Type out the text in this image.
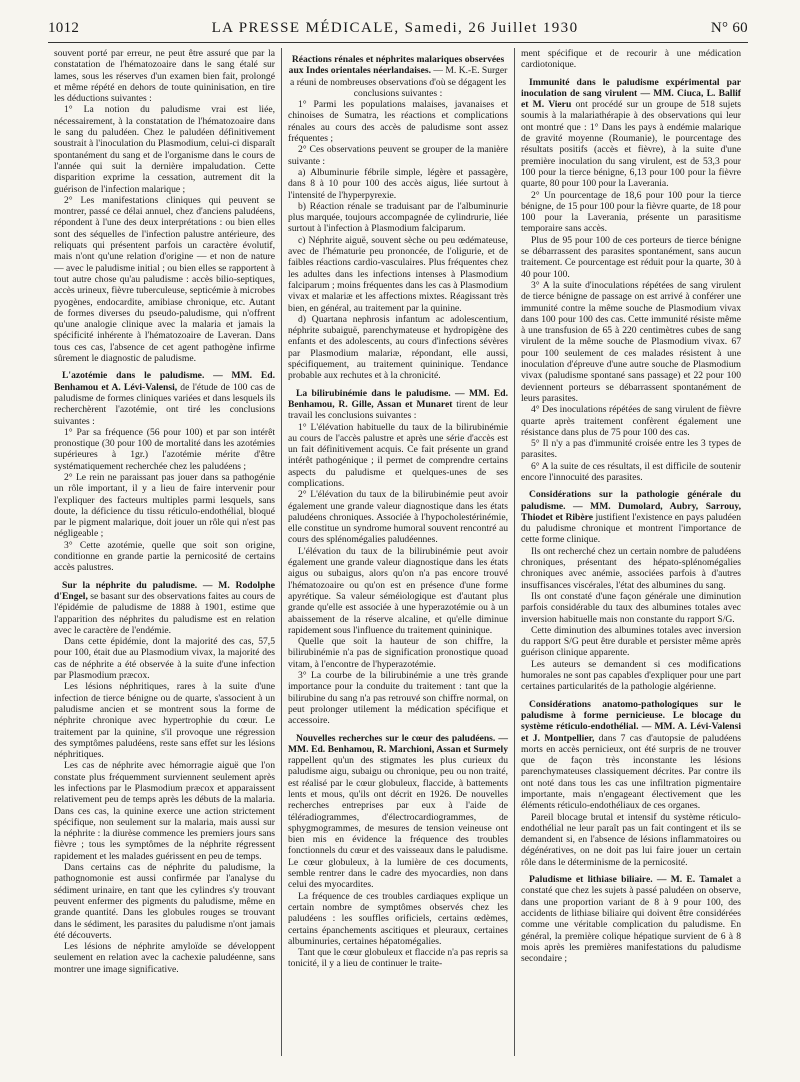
1012	LA PRESSE MÉDICALE, Samedi, 26 Juillet 1930	N° 60

souvent porté par erreur, ne peut être assuré que par la constatation de l'hématozoaire dans le sang étalé sur lames, sous les réserves d'un examen bien fait, prolongé et même répété en dehors de toute quininisation, en tire les déductions suivantes :

1° La notion du paludisme vrai est liée, nécessairement, à la constatation de l'hématozoaire dans le sang du paludéen. Chez le paludéen définitivement soustrait à l'inoculation du Plasmodium, celui-ci disparaît spontanément du sang et de l'organisme dans le cours de l'année qui suit la dernière impaludation. Cette disparition exprime la cessation, autrement dit la guérison de l'infection malarique ;

2° Les manifestations cliniques qui peuvent se montrer, passé ce délai annuel, chez d'anciens paludéens, répondent à l'une des deux interprétations : ou bien elles sont des séquelles de l'infection palustre antérieure, des reliquats qui présentent parfois un caractère évolutif, mais n'ont qu'une relation d'origine — et non de nature — avec le paludisme initial ; ou bien elles se rapportent à tout autre chose qu'au paludisme : accès bilio-septiques, accès urineux, fièvre tuberculeuse, septicémie à microbes pyogènes, endocardite, amibiase chronique, etc. Autant de formes diverses du pseudo-paludisme, qui n'offrent qu'une analogie clinique avec la malaria et jamais la spécificité inhérente à l'hématozoaire de Laveran. Dans tous ces cas, l'absence de cet agent pathogène infirme sûrement le diagnostic de paludisme.

L'azotémie dans le paludisme. — MM. Ed. Benhamou et A. Lévi-Valensi, de l'étude de 100 cas de paludisme de formes cliniques variées et dans lesquels ils recherchèrent l'azotémie, ont tiré les conclusions suivantes :

1° Par sa fréquence (56 pour 100) et par son intérêt pronostique (30 pour 100 de mortalité dans les azotémies supérieures à 1gr.) l'azotémie mérite d'être systématiquement recherchée chez les paludéens ;

2° Le rein ne paraissant pas jouer dans sa pathogénie un rôle important, il y a lieu de faire intervenir pour l'expliquer des facteurs multiples parmi lesquels, sans doute, la déficience du tissu réticulo-endothélial, bloqué par le pigment malarique, doit jouer un rôle qui n'est pas négligeable ;

3° Cette azotémie, quelle que soit son origine, conditionne en grande partie la pernicosité de certains accès palustres.

Sur la néphrite du paludisme. — M. Rodolphe d'Engel, se basant sur des observations faites au cours de l'épidémie de paludisme de 1888 à 1901, estime que l'apparition des néphrites du paludisme est en relation avec le caractère de l'endémie.

Dans cette épidémie, dont la majorité des cas, 57,5 pour 100, était due au Plasmodium vivax, la majorité des cas de néphrite a été observée à la suite d'une infection par Plasmodium præcox.

Les lésions néphritiques, rares à la suite d'une infection de tierce bénigne ou de quarte, s'associent à un paludisme ancien et se montrent sous la forme de néphrite chronique avec hypertrophie du cœur. Le traitement par la quinine, s'il provoque une régression des symptômes paludéens, reste sans effet sur les lésions néphritiques.

Les cas de néphrite avec hémorragie aiguë que l'on constate plus fréquemment surviennent seulement après les infections par le Plasmodium præcox et apparaissent relativement peu de temps après les débuts de la malaria. Dans ces cas, la quinine exerce une action strictement spécifique, non seulement sur la malaria, mais aussi sur la néphrite : la diurèse commence les premiers jours sans fièvre ; tous les symptômes de la néphrite régressent rapidement et les malades guérissent en peu de temps.

Dans certains cas de néphrite du paludisme, la pathognomonie est aussi confirmée par l'analyse du sédiment urinaire, en tant que les cylindres s'y trouvant peuvent enfermer des pigments du paludisme, même en grande quantité. Dans les globules rouges se trouvant dans le sédiment, les parasites du paludisme n'ont jamais été découverts.

Les lésions de néphrite amyloïde se développent seulement en relation avec la cachexie paludéenne, sans montrer une image significative.

Réactions rénales et néphrites malariques observées aux Indes orientales néerlandaises. — M. K.-E. Surger a réuni de nombreuses observations d'où se dégagent les conclusions suivantes :

1° Parmi les populations malaises, javanaises et chinoises de Sumatra, les réactions et complications rénales au cours des accès de paludisme sont assez fréquentes ;

2° Ces observations peuvent se grouper de la manière suivante :

a) Albuminurie fébrile simple, légère et passagère, dans 8 à 10 pour 100 des accès aigus, liée surtout à l'intensité de l'hyperpyrexie.

b) Réaction rénale se traduisant par de l'albuminurie plus marquée, toujours accompagnée de cylindrurie, liée surtout à l'infection à Plasmodium falciparum.

c) Néphrite aiguë, souvent sèche ou peu œdémateuse, avec de l'hématurie peu prononcée, de l'oligurie, et de faibles réactions cardio-vasculaires. Plus fréquentes chez les adultes dans les infections intenses à Plasmodium falciparum ; moins fréquentes dans les cas à Plasmodium vivax et malariæ et les affections mixtes. Réagissant très bien, en général, au traitement par la quinine.

d) Quartana nephrosis infantum ac adolescentium, néphrite subaiguë, parenchymateuse et hydropigène des enfants et des adolescents, au cours d'infections sévères par Plasmodium malariæ, répondant, elle aussi, spécifiquement, au traitement quininique. Tendance probable aux rechutes et à la chronicité.

La bilirubinémie dans le paludisme. — MM. Ed. Benhamou, R. Gille, Assan et Munaret tirent de leur travail les conclusions suivantes :

1° L'élévation habituelle du taux de la bilirubinémie au cours de l'accès palustre et après une série d'accès est un fait définitivement acquis. Ce fait présente un grand intérêt pathogénique ; il permet de comprendre certains aspects du paludisme et quelques-unes de ses complications.

2° L'élévation du taux de la bilirubinémie peut avoir également une grande valeur diagnostique dans les états paludéens chroniques. Associée à l'hypocholestérinémie, elle constitue un syndrome humoral souvent rencontré au cours des splénomégalies paludéennes.

L'élévation du taux de la bilirubinémie peut avoir également une grande valeur diagnostique dans les états aigus ou subaigus, alors qu'on n'a pas encore trouvé l'hématozoaire ou qu'on est en présence d'une forme apyrétique. Sa valeur séméiologique est d'autant plus grande qu'elle est associée à une hyperazotémie ou à un abaissement de la réserve alcaline, et qu'elle diminue rapidement sous l'influence du traitement quininique.

Quelle que soit la hauteur de son chiffre, la bilirubinémie n'a pas de signification pronostique quoad vitam, à l'encontre de l'hyperazotémie.

3° La courbe de la bilirubinémie a une très grande importance pour la conduite du traitement : tant que la bilirubine du sang n'a pas retrouvé son chiffre normal, on peut prolonger utilement la médication spécifique et accessoire.

Nouvelles recherches sur le cœur des paludéens. — MM. Ed. Benhamou, R. Marchioni, Assan et Surmely rappellent qu'un des stigmates les plus curieux du paludisme aigu, subaigu ou chronique, peu ou non traité, est réalisé par le cœur globuleux, flaccide, à battements lents et mous, qu'ils ont décrit en 1926. De nouvelles recherches entreprises par eux à l'aide de téléradiogrammes, d'électrocardiogrammes, de sphygmogrammes, de mesures de tension veineuse ont bien mis en évidence la fréquence des troubles fonctionnels du cœur et des vaisseaux dans le paludisme. Le cœur globuleux, à la lumière de ces documents, semble rentrer dans le cadre des myocardies, non dans celui des myocardites.

La fréquence de ces troubles cardiaques explique un certain nombre de symptômes observés chez les paludéens : les souffles orificiels, certains œdèmes, certains épanchements ascitiques et pleuraux, certaines albuminuries, certaines hépatomégalies.

Tant que le cœur globuleux et flaccide n'a pas repris sa tonicité, il y a lieu de continuer le traite-

ment spécifique et de recourir à une médication cardiotonique.

Immunité dans le paludisme expérimental par inoculation de sang virulent — MM. Ciuca, L. Ballif et M. Vieru ont procédé sur un groupe de 518 sujets soumis à la malariathérapie à des observations qui leur ont montré que : 1° Dans les pays à endémie malarique de gravité moyenne (Roumanie), le pourcentage des résultats positifs (accès et fièvre), à la suite d'une première inoculation du sang virulent, est de 53,3 pour 100 pour la tierce bénigne, 6,13 pour 100 pour la fièvre quarte, 80 pour 100 pour la Laverania.

2° Un pourcentage de 18,6 pour 100 pour la tierce bénigne, de 15 pour 100 pour la fièvre quarte, de 18 pour 100 pour la Laverania, présente un parasitisme temporaire sans accès.

Plus de 95 pour 100 de ces porteurs de tierce bénigne se débarrassent des parasites spontanément, sans aucun traitement. Ce pourcentage est réduit pour la quarte, 30 à 40 pour 100.

3° A la suite d'inoculations répétées de sang virulent de tierce bénigne de passage on est arrivé à conférer une immunité contre la même souche de Plasmodium vivax dans 100 pour 100 des cas. Cette immunité résiste même à une transfusion de 65 à 220 centimètres cubes de sang virulent de la même souche de Plasmodium vivax. 67 pour 100 seulement de ces malades résistent à une inoculation d'épreuve d'une autre souche de Plasmodium vivax (paludisme spontané sans passage) et 22 pour 100 deviennent porteurs se débarrassent spontanément de leurs parasites.

4° Des inoculations répétées de sang virulent de fièvre quarte après traitement confèrent également une résistance dans plus de 75 pour 100 des cas.

5° Il n'y a pas d'immunité croisée entre les 3 types de parasites.

6° A la suite de ces résultats, il est difficile de soutenir encore l'innocuité des parasites.

Considérations sur la pathologie générale du paludisme. — MM. Dumolard, Aubry, Sarrouy, Thiodet et Ribère justifient l'existence en pays paludéen du paludisme chronique et montrent l'importance de cette forme clinique.

Ils ont recherché chez un certain nombre de paludéens chroniques, présentant des hépato-splénomégalies chroniques avec anémie, associées parfois à d'autres insuffisances viscérales, l'état des albumines du sang.

Ils ont constaté d'une façon générale une diminution parfois considérable du taux des albumines totales avec inversion habituelle mais non constante du rapport S/G.

Cette diminution des albumines totales avec inversion du rapport S/G peut être durable et persister même après guérison clinique apparente.

Les auteurs se demandent si ces modifications humorales ne sont pas capables d'expliquer pour une part certaines particularités de la pathologie algérienne.

Considérations anatomo-pathologiques sur le paludisme à forme pernicieuse. Le blocage du système réticulo-endothélial. — MM. A. Lévi-Valensi et J. Montpellier, dans 7 cas d'autopsie de paludéens morts en accès pernicieux, ont été surpris de ne trouver que de façon très inconstante les lésions parenchymateuses classiquement décrites. Par contre ils ont noté dans tous les cas une infiltration pigmentaire importante, mais n'engageant électivement que les éléments réticulo-endothéliaux de ces organes.

Pareil blocage brutal et intensif du système réticulo-endothélial ne leur paraît pas un fait contingent et ils se demandent si, en l'absence de lésions inflammatoires ou dégénératives, on ne doit pas lui faire jouer un certain rôle dans le déterminisme de la pernicosité.

Paludisme et lithiase biliaire. — M. E. Tamalet a constaté que chez les sujets à passé paludéen on observe, dans une proportion variant de 8 à 9 pour 100, des accidents de lithiase biliaire qui doivent être considérées comme une véritable complication du paludisme. En général, la première colique hépatique survient de 6 à 8 mois après les premières manifestations du paludisme secondaire ;
